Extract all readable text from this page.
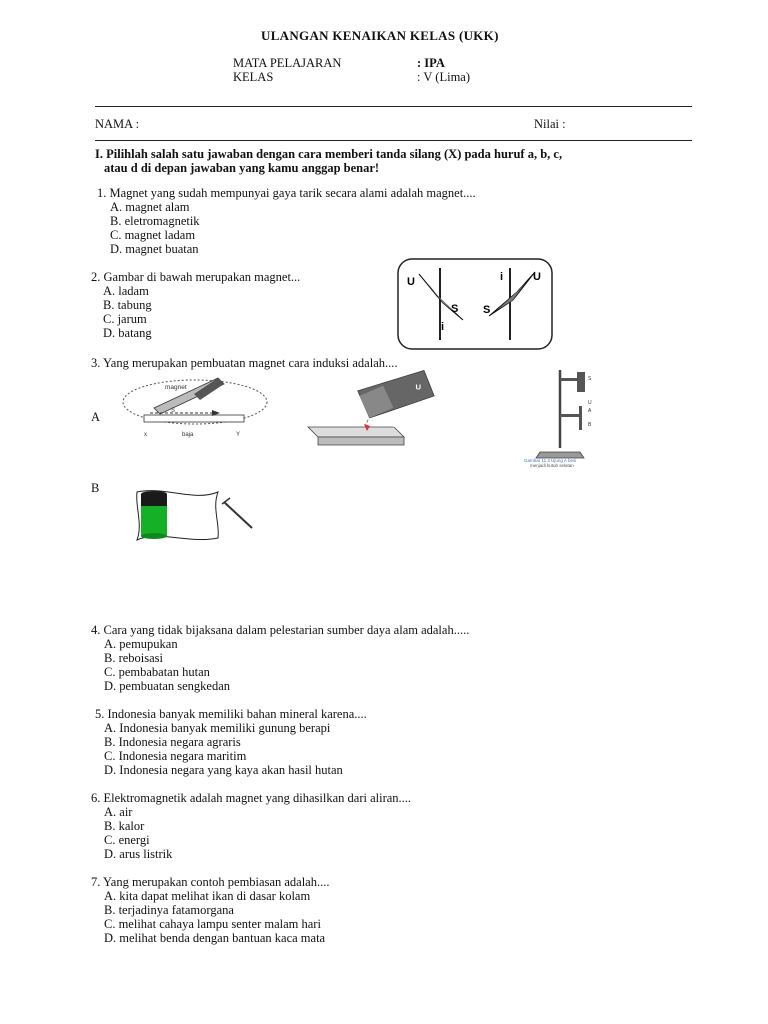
ULANGAN KENAIKAN KELAS (UKK)
MATA PELAJARAN	: IPA
KELAS	: V (Lima)
NAMA :	Nilai :
I. Pilihlah salah satu jawaban dengan cara memberi tanda silang (X) pada huruf a, b, c,
atau d di depan jawaban yang kamu anggap benar!
1. Magnet yang sudah mempunyai gaya tarik secara alami adalah magnet....
A. magnet alam
B. eletromagnetik
C. magnet ladam
D. magnet buatan
2. Gambar di bawah merupakan magnet...
A. ladam
B. tabung
C. jarum
D. batang
U
S
i
i	U
S
3. Yang merupakan pembuatan magnet cara induksi adalah....
A
B
magnet
S
x	baja	Y
S
U
S
U
A
B
Gambar 11.4 Ujung A besi
menjadi kutub selatan
4. Cara yang tidak bijaksana dalam pelestarian sumber daya alam adalah.....
A. pemupukan
B. reboisasi
C. pembabatan hutan
D. pembuatan sengkedan
5. Indonesia banyak memiliki bahan mineral karena....
A. Indonesia banyak memiliki gunung berapi
B. Indonesia negara agraris
C. Indonesia negara maritim
D. Indonesia negara yang kaya akan hasil hutan
6. Elektromagnetik adalah magnet yang dihasilkan dari aliran....
A. air
B. kalor
C. energi
D. arus listrik
7. Yang merupakan contoh pembiasan adalah....
A. kita dapat melihat ikan di dasar kolam
B. terjadinya fatamorgana
C. melihat cahaya lampu senter malam hari
D. melihat benda dengan bantuan kaca mata
